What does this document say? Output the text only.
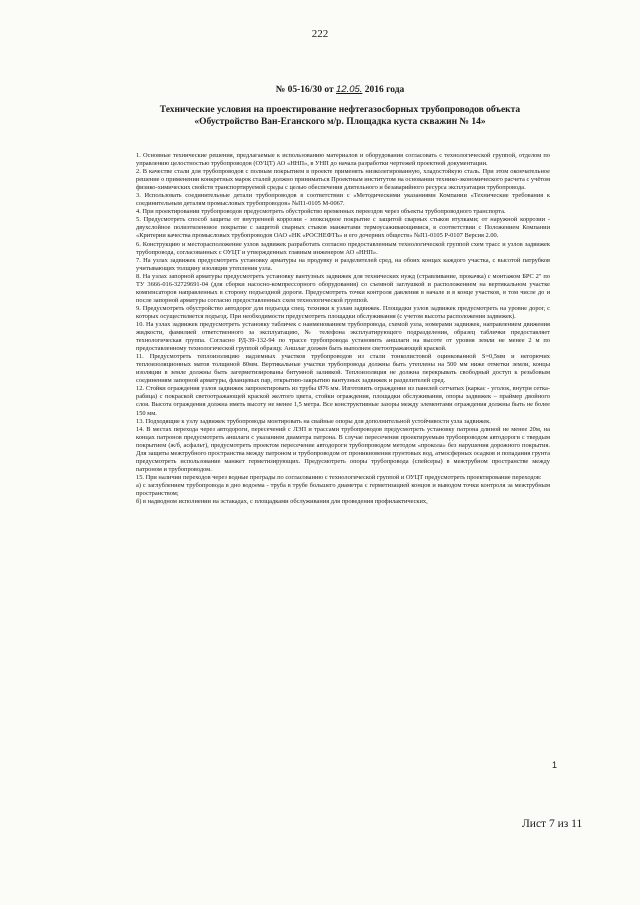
222
№ 05-16/30 от 12.05. 2016 года
Технические условия на проектирование нефтегазосборных трубопроводов объекта «Обустройство Ван-Еганского м/р. Площадка куста скважин № 14»

1. Основные технические решения, предлагаемые к использованию материалов и оборудования согласовать с технологической группой, отделом по управлению целостностью трубопроводов (ОУЦТ) АО «ННП», в УНП до начала разработки чертежей проектной документации.

2. В качестве стали для трубопроводов с полным покрытием в проекте применять низколегированную, хладостойкую сталь. При этом окончательное решение о применении конкретных марок сталей должно приниматься Проектным институтом на основании технико-экономического расчета с учётом физико-химических свойств транспортируемой среды с целью обеспечения длительного и безаварийного ресурса эксплуатации трубопровода.

3. Использовать соединительные детали трубопроводов в соответствии с «Методическими указаниями Компании «Технические требования к соединительным деталям промысловых трубопроводов» №П1-0105 М-0067.

4. При проектировании трубопроводов предусмотреть обустройство временных переездов через объекты трубопроводного транспорта.

5. Предусмотреть способ защиты от внутренней коррозии - эпоксидное покрытие с защитой сварных стыков втулками; от наружной коррозии - двухслойное полиэтиленовое покрытие с защитой сварных стыков манжетами термоусаживающимися, в соответствии с Положением Компании «Критерии качества промысловых трубопроводов ОАО «НК «РОСНЕФТЬ» и его дочерних обществ» №П1-0105 Р-0107 Версия 2.00.

6. Конструкцию и месторасположение узлов задвижек разработать согласно предоставленным технологической группой схем трасс и узлов задвижек трубопровода, согласованных с ОУЦТ и утвержденных главным инженером АО «ННП».

7. На узлах задвижек предусмотреть установку арматуры на продувку и разделителей сред, на обоих концах каждого участка, с высотой патрубков учитывающих толщину изоляции утепления узла.

8. На узлах запорной арматуры предусмотреть установку вантузных задвижек для технических нужд (стравливание, прокачка) с монтажом БРС 2" по ТУ 3666-016-32729691-04 (для сборки насосно-компрессорного оборудования) со съемной заглушкой и расположением на вертикальном участке компенсаторов направленных в сторону подъездной дороги. Предусмотреть точки контроля давления в начале и в конце участков, в том числе до и после запорной арматуры согласно предоставленных схем технологической группой.

9. Предусмотреть обустройство автодорог для подъезда спец. техники к узлам задвижек. Площадки узлов задвижек предусмотреть на уровне дорог, с которых осуществляется подъезд. При необходимости предусмотреть площадки обслуживания (с учетом высоты расположения задвижек).

10. На узлах задвижек предусмотреть установку табличек с наименованием трубопровода, схемой узла, номерами задвижек, направлением движения жидкости, фамилией ответственного за эксплуатацию, № телефона эксплуатирующего подразделения, образец таблички предоставляет технологическая группа. Согласно РД-39-132-94 по трассе трубопровода установить аншлаги на высоте от уровня земли не менее 2 м по предоставленному технологической группой образцу. Аншлаг должен быть выполнен светоотражающей краской.

11. Предусмотреть теплоизоляцию надземных участков трубопроводов из стали тонколистовой оцинкованной S=0,5мм и негорючих теплоизоляционных матов толщиной 80мм. Вертикальные участки трубопровода должны быть утеплены на 500 мм ниже отметки земли, концы изоляции в земле должны быть загерметизированы битумной заливкой. Теплоизоляция не должна перекрывать свободный доступ к резьбовым соединениям запорной арматуры, фланцевых пар, открытию-закрытию вантузных задвижек и разделителей сред.

12. Стойки ограждения узлов задвижек запроектировать из трубы Ø76 мм. Изготовить ограждение из панелей сетчатых (каркас - уголок, внутри сетка-рабица) с покраской светоотражающей краской желтого цвета, стойки ограждения, площадки обслуживания, опоры задвижек – праймер двойного слоя. Высота ограждения должна иметь высоту не менее 1,5 метра. Все конструктивные зазоры между элементами ограждения должны быть не более 150 мм.

13. Подходящие к узлу задвижек трубопроводы монтировать на свайные опоры для дополнительной устойчивости узла задвижек.

14. В местах перехода через автодороги, пересечений с ЛЭП и трассами трубопроводов предусмотреть установку патрона длиной не менее 20м, на концах патронов предусмотреть аншлаги с указанием диаметра патрона. В случае пересечения проектируемым трубопроводом автодороги с твердым покрытием (ж/б, асфальт), предусмотреть проектом пересечение автодороги трубопроводом методом «прокола» без нарушения дорожного покрытия. Для защиты межтрубного пространства между патроном и трубопроводом от проникновения грунтовых вод, атмосферных осадков и попадания грунта предусмотреть использование манжет герметизирующих. Предусмотреть опоры трубопровода (спейсеры) в межтрубном пространстве между патроном и трубопроводом.

15. При наличии переходов через водные преграды по согласованию с технологической группой и ОУЦТ предусмотреть проектирование переходов:

а) с заглублением трубопровода в дно водоема - труба в трубе большего диаметра с герметизацией концов и выводом точки контроля за межтрубным пространством;

б) в надводном исполнении на эстакадах, с площадками обслуживания для проведения профилактических,

1
Лист 7 из 11
